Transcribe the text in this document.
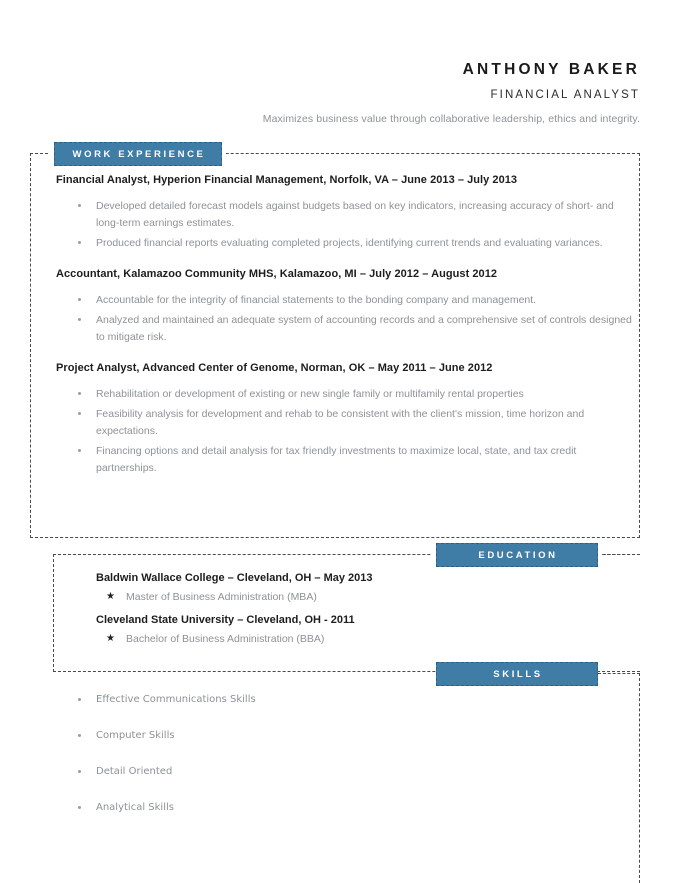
ANTHONY BAKER
FINANCIAL ANALYST
Maximizes business value through collaborative leadership, ethics and integrity.
WORK EXPERIENCE
Financial Analyst, Hyperion Financial Management, Norfolk, VA – June 2013 – July 2013
Developed detailed forecast models against budgets based on key indicators, increasing accuracy of short- and long-term earnings estimates.
Produced financial reports evaluating completed projects, identifying current trends and evaluating variances.
Accountant, Kalamazoo Community MHS, Kalamazoo, MI – July 2012 – August 2012
Accountable for the integrity of financial statements to the bonding company and management.
Analyzed and maintained an adequate system of accounting records and a comprehensive set of controls designed to mitigate risk.
Project Analyst, Advanced Center of Genome, Norman, OK – May 2011 – June 2012
Rehabilitation or development of existing or new single family or multifamily rental properties
Feasibility analysis for development and rehab to be consistent with the client's mission, time horizon and expectations.
Financing options and detail analysis for tax friendly investments to maximize local, state, and tax credit partnerships.
EDUCATION
Baldwin Wallace College – Cleveland, OH – May 2013
★ Master of Business Administration (MBA)
Cleveland State University – Cleveland, OH - 2011
★ Bachelor of Business Administration (BBA)
SKILLS
Effective Communications Skills
Computer Skills
Detail Oriented
Analytical Skills
